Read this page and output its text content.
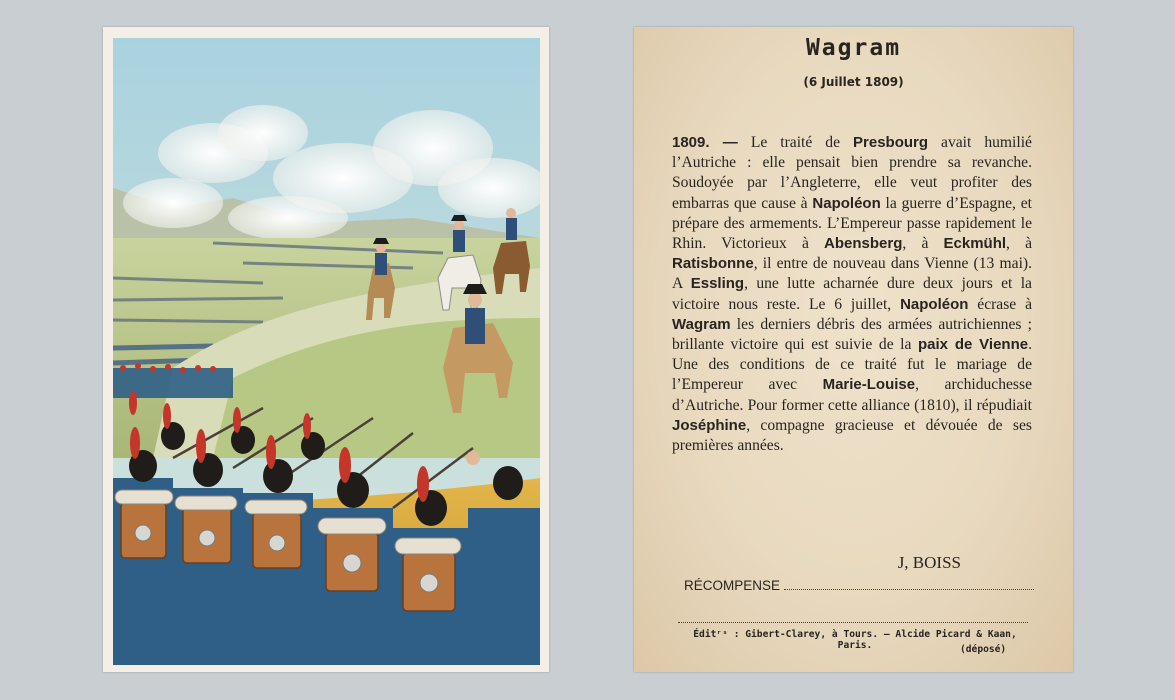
Wagram
(6 Juillet 1809)
1809. — Le traité de Presbourg avait humilié l’Autriche : elle pensait bien prendre sa revanche. Soudoyée par l’Angleterre, elle veut profiter des embarras que cause à Napoléon la guerre d’Espagne, et prépare des armements. L’Empereur passe rapidement le Rhin. Victorieux à Abensberg, à Eckmühl, à Ratisbonne, il entre de nouveau dans Vienne (13 mai). A Essling, une lutte acharnée dure deux jours et la victoire nous reste. Le 6 juillet, Napoléon écrase à Wagram les derniers débris des armées autrichiennes ; brillante victoire qui est suivie de la paix de Vienne. Une des conditions de ce traité fut le mariage de l’Empereur avec Marie-Louise, archiduchesse d’Autriche. Pour former cette alliance (1810), il répudiait Joséphine, compagne gracieuse et dévouée de ses premières années.
J, BOISS
RÉCOMPENSE
Éditʳˢ : Gibert-Clarey, à Tours. — Alcide Picard & Kaan, Paris.	(déposé)
